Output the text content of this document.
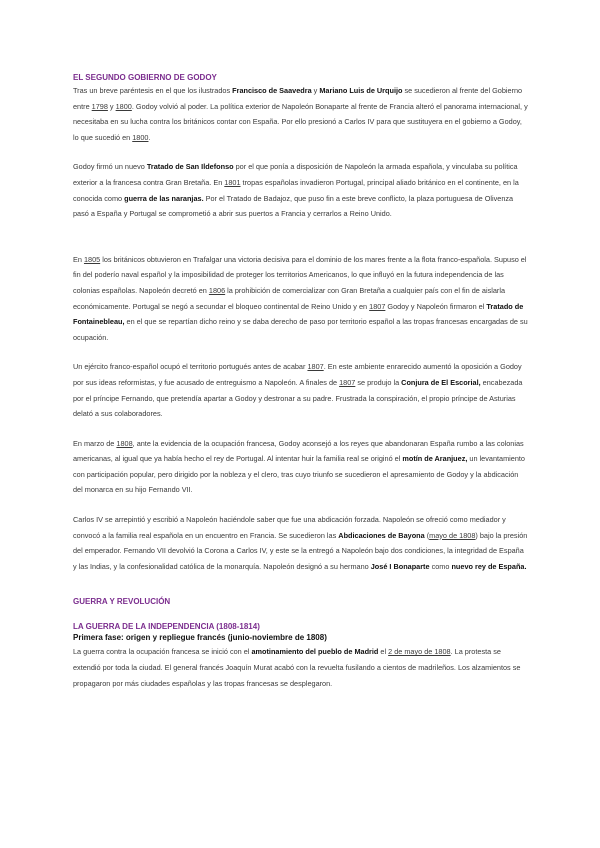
EL SEGUNDO GOBIERNO DE GODOY

Tras un breve paréntesis en el que los ilustrados Francisco de Saavedra y Mariano Luis de Urquijo se sucedieron al frente del Gobierno entre 1798 y 1800. Godoy volvió al poder. La política exterior de Napoleón Bonaparte al frente de Francia alteró el panorama internacional, y necesitaba en su lucha contra los británicos contar con España. Por ello presionó a Carlos IV para que sustituyera en el gobierno a Godoy, lo que sucedió en 1800.

Godoy firmó un nuevo Tratado de San Ildefonso por el que ponía a disposición de Napoleón la armada española, y vinculaba su política exterior a la francesa contra Gran Bretaña. En 1801 tropas españolas invadieron Portugal, principal aliado británico en el continente, en la conocida como guerra de las naranjas. Por el Tratado de Badajoz, que puso fin a este breve conflicto, la plaza portuguesa de Olivenza pasó a España y Portugal se comprometió a abrir sus puertos a Francia y cerrarlos a Reino Unido.

En 1805 los británicos obtuvieron en Trafalgar una victoria decisiva para el dominio de los mares frente a la flota franco-española. Supuso el fin del poderío naval español y la imposibilidad de proteger los territorios Americanos, lo que influyó en la futura independencia de las colonias españolas. Napoleón decretó en 1806 la prohibición de comercializar con Gran Bretaña a cualquier país con el fin de aislarla económicamente. Portugal se negó a secundar el bloqueo continental de Reino Unido y en 1807 Godoy y Napoleón firmaron el Tratado de Fontainebleau, en el que se repartían dicho reino y se daba derecho de paso por territorio español a las tropas francesas encargadas de su ocupación.

Un ejército franco-español ocupó el territorio portugués antes de acabar 1807. En este ambiente enrarecido aumentó la oposición a Godoy por sus ideas reformistas, y fue acusado de entreguismo a Napoleón. A finales de 1807 se produjo la Conjura de El Escorial, encabezada por el príncipe Fernando, que pretendía apartar a Godoy y destronar a su padre. Frustrada la conspiración, el propio príncipe de Asturias delató a sus colaboradores.

En marzo de 1808, ante la evidencia de la ocupación francesa, Godoy aconsejó a los reyes que abandonaran España rumbo a las colonias americanas, al igual que ya había hecho el rey de Portugal. Al intentar huir la familia real se originó el motín de Aranjuez, un levantamiento con participación popular, pero dirigido por la nobleza y el clero, tras cuyo triunfo se sucedieron el apresamiento de Godoy y la abdicación del monarca en su hijo Fernando VII.

Carlos IV se arrepintió y escribió a Napoleón haciéndole saber que fue una abdicación forzada. Napoleón se ofreció como mediador y convocó a la familia real española en un encuentro en Francia. Se sucedieron las Abdicaciones de Bayona (mayo de 1808) bajo la presión del emperador. Fernando VII devolvió la Corona a Carlos IV, y este se la entregó a Napoleón bajo dos condiciones, la integridad de España y las Indias, y la confesionalidad católica de la monarquía. Napoleón designó a su hermano José I Bonaparte como nuevo rey de España.

GUERRA Y REVOLUCIÓN
LA GUERRA DE LA INDEPENDENCIA (1808-1814)

Primera fase: origen y repliegue francés (junio-noviembre de 1808)

La guerra contra la ocupación francesa se inició con el amotinamiento del pueblo de Madrid el 2 de mayo de 1808. La protesta se extendió por toda la ciudad. El general francés Joaquín Murat acabó con la revuelta fusilando a cientos de madrileños. Los alzamientos se propagaron por más ciudades españolas y las tropas francesas se desplegaron.
